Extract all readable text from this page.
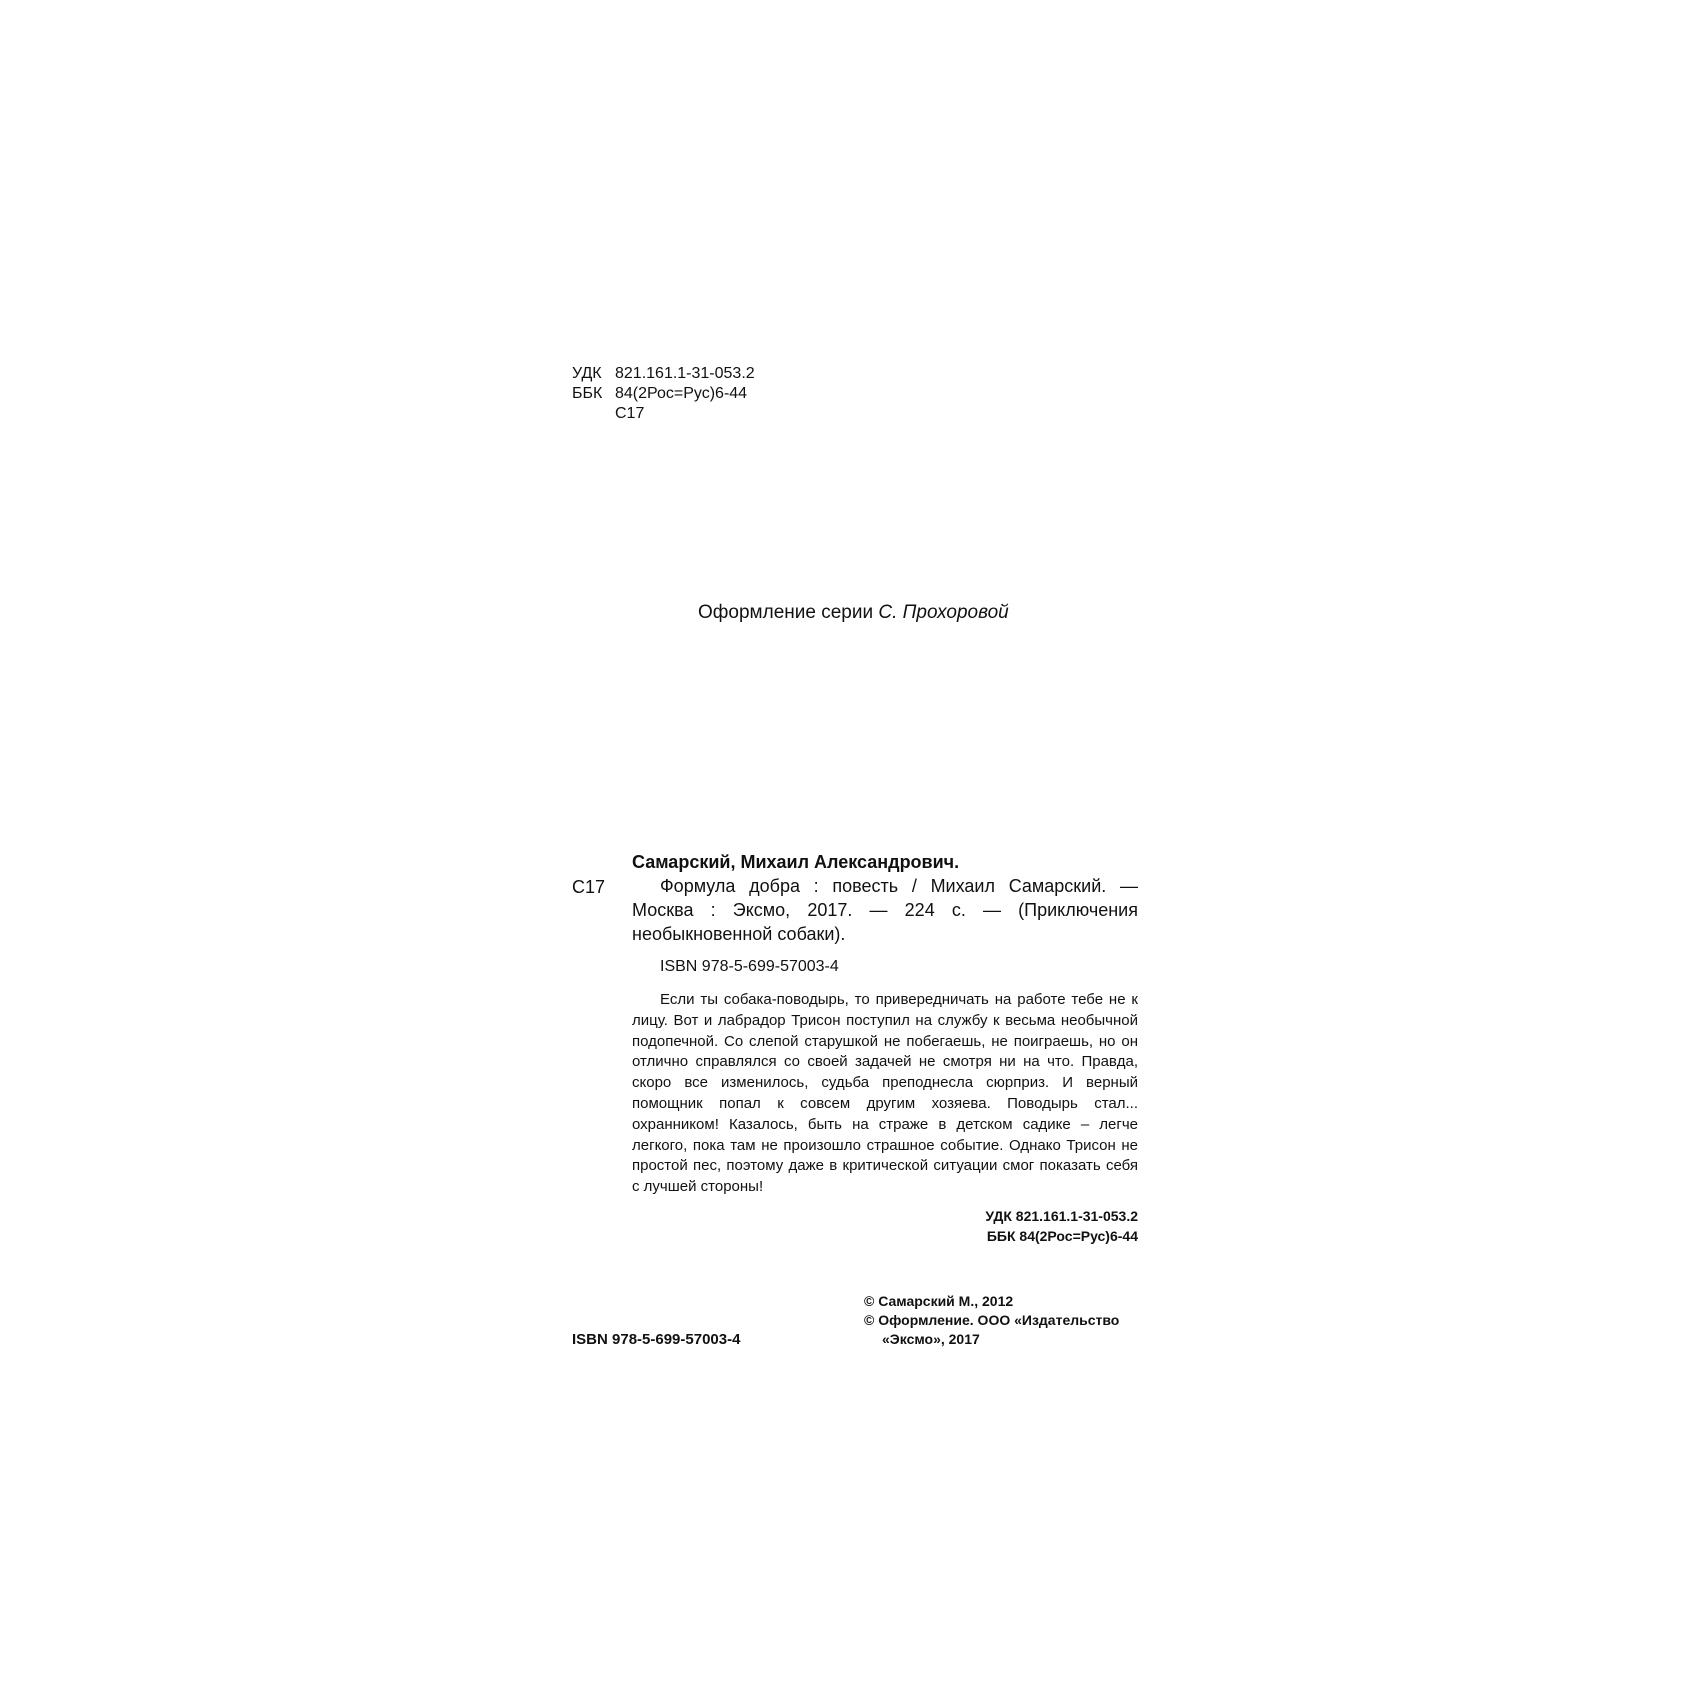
УДК 821.161.1-31-053.2
ББК 84(2Рос=Рус)6-44
С17
Оформление серии С. Прохоровой
С17
Самарский, Михаил Александрович.
Формула добра : повесть / Михаил Самарский. — Москва : Эксмо, 2017. — 224 с. — (Приключения необыкновенной собаки).
ISBN 978-5-699-57003-4
Если ты собака-поводырь, то привередничать на работе тебе не к лицу. Вот и лабрадор Трисон поступил на службу к весьма необычной подопечной. Со слепой старушкой не побегаешь, не поиграешь, но он отлично справлялся со своей задачей не смотря ни на что. Правда, скоро все изменилось, судьба преподнесла сюрприз. И верный помощник попал к совсем другим хозяева. Поводырь стал... охранником! Казалось, быть на страже в детском садике – легче легкого, пока там не произошло страшное событие. Однако Трисон не простой пес, поэтому даже в критической ситуации смог показать себя с лучшей стороны!
УДК 821.161.1-31-053.2
ББК 84(2Рос=Рус)6-44
© Самарский М., 2012
© Оформление. ООО «Издательство
«Эксмо», 2017
ISBN 978-5-699-57003-4
